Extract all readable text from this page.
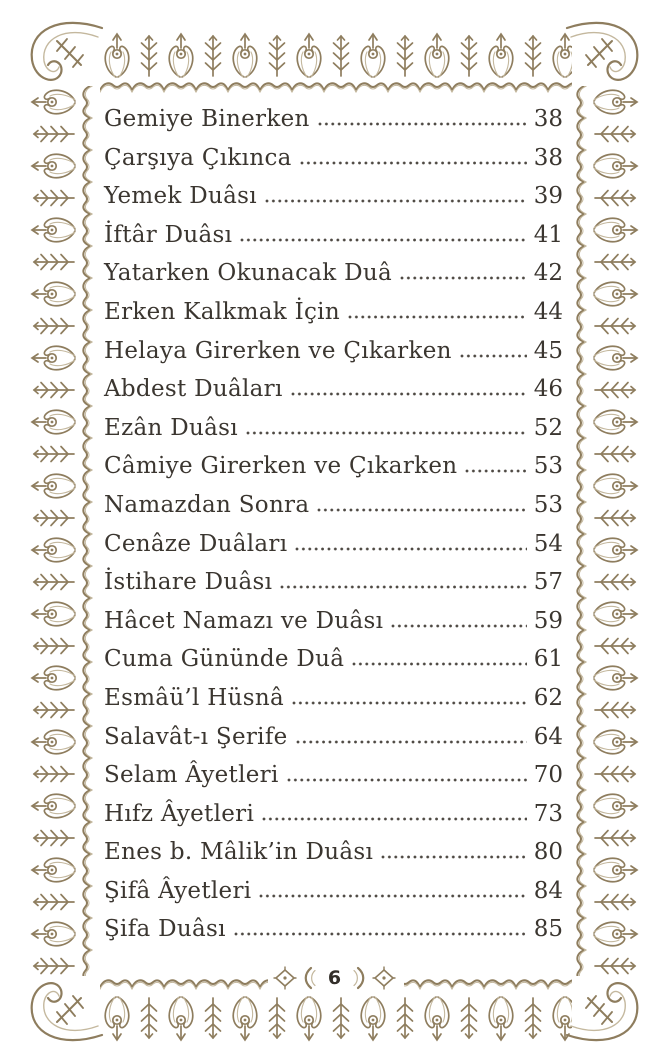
Gemiye Binerken	38
Çarşıya Çıkınca	38
Yemek Duâsı	39
İftâr Duâsı	41
Yatarken Okunacak Duâ	42
Erken Kalkmak İçin	44
Helaya Girerken ve Çıkarken	45
Abdest Duâları	46
Ezân Duâsı	52
Câmiye Girerken ve Çıkarken	53
Namazdan Sonra	53
Cenâze Duâları	54
İstihare Duâsı	57
Hâcet Namazı ve Duâsı	59
Cuma Gününde Duâ	61
Esmâü’l Hüsnâ	62
Salavât-ı Şerife	64
Selam Âyetleri	70
Hıfz Âyetleri	73
Enes b. Mâlik’in Duâsı	80
Şifâ Âyetleri	84
Şifa Duâsı	85
6
